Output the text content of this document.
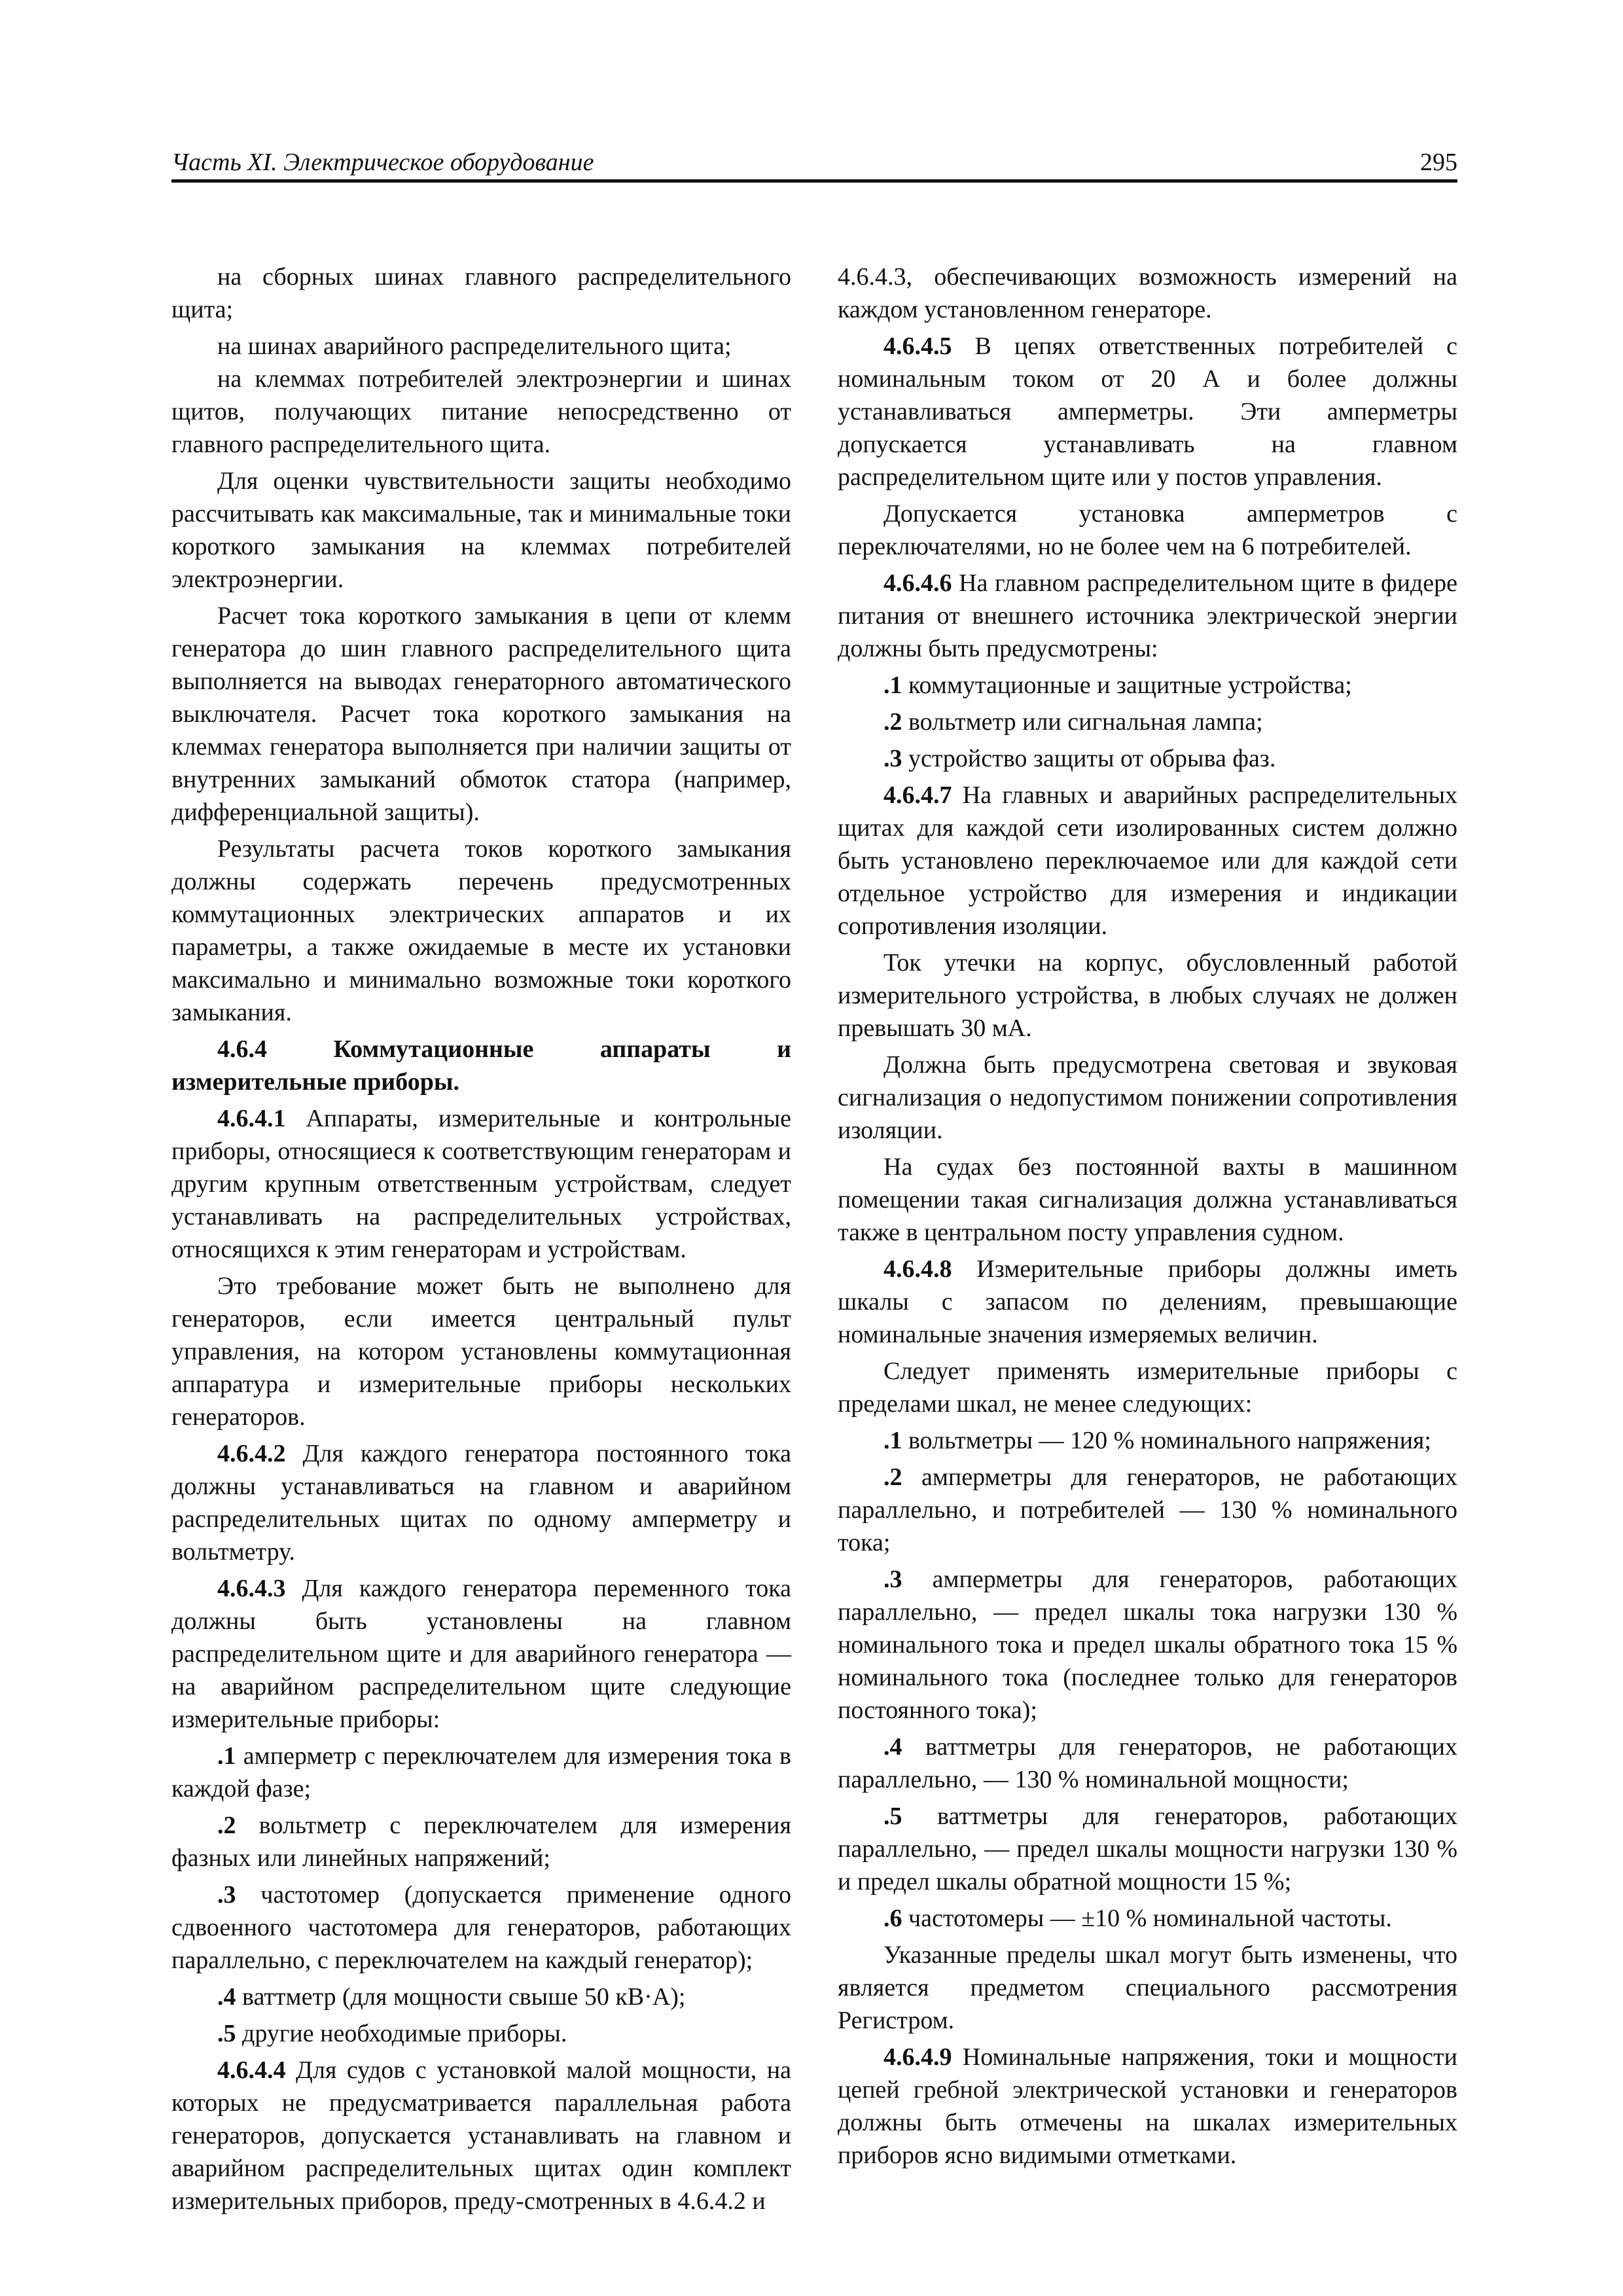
Часть XI. Электрическое оборудование	295

на сборных шинах главного распределительного щита;

на шинах аварийного распределительного щита;

на клеммах потребителей электроэнергии и шинах щитов, получающих питание непосредственно от главного распределительного щита.

Для оценки чувствительности защиты необходимо рассчитывать как максимальные, так и минимальные токи короткого замыкания на клеммах потребителей электроэнергии.

Расчет тока короткого замыкания в цепи от клемм генератора до шин главного распределительного щита выполняется на выводах генераторного автоматического выключателя. Расчет тока короткого замыкания на клеммах генератора выполняется при наличии защиты от внутренних замыканий обмоток статора (например, дифференциальной защиты).

Результаты расчета токов короткого замыкания должны содержать перечень предусмотренных коммутационных электрических аппаратов и их параметры, а также ожидаемые в месте их установки максимально и минимально возможные токи короткого замыкания.

4.6.4 Коммутационные аппараты и измерительные приборы.

4.6.4.1 Аппараты, измерительные и контрольные приборы, относящиеся к соответствующим генераторам и другим крупным ответственным устройствам, следует устанавливать на распределительных устройствах, относящихся к этим генераторам и устройствам.

Это требование может быть не выполнено для генераторов, если имеется центральный пульт управления, на котором установлены коммутационная аппаратура и измерительные приборы нескольких генераторов.

4.6.4.2 Для каждого генератора постоянного тока должны устанавливаться на главном и аварийном распределительных щитах по одному амперметру и вольтметру.

4.6.4.3 Для каждого генератора переменного тока должны быть установлены на главном распределительном щите и для аварийного генератора — на аварийном распределительном щите следующие измерительные приборы:

.1 амперметр с переключателем для измерения тока в каждой фазе;

.2 вольтметр с переключателем для измерения фазных или линейных напряжений;

.3 частотомер (допускается применение одного сдвоенного частотомера для генераторов, работающих параллельно, с переключателем на каждый генератор);

.4 ваттметр (для мощности свыше 50 кВ·А);

.5 другие необходимые приборы.

4.6.4.4 Для судов с установкой малой мощности, на которых не предусматривается параллельная работа генераторов, допускается устанавливать на главном и аварийном распределительных щитах один комплект измерительных приборов, преду-смотренных в 4.6.4.2 и

4.6.4.3, обеспечивающих возможность измерений на каждом установленном генераторе.

4.6.4.5 В цепях ответственных потребителей с номинальным током от 20 А и более должны устанавливаться амперметры. Эти амперметры допускается устанавливать на главном распределительном щите или у постов управления.

Допускается установка амперметров с переключателями, но не более чем на 6 потребителей.

4.6.4.6 На главном распределительном щите в фидере питания от внешнего источника электрической энергии должны быть предусмотрены:

.1 коммутационные и защитные устройства;

.2 вольтметр или сигнальная лампа;

.3 устройство защиты от обрыва фаз.

4.6.4.7 На главных и аварийных распределительных щитах для каждой сети изолированных систем должно быть установлено переключаемое или для каждой сети отдельное устройство для измерения и индикации сопротивления изоляции.

Ток утечки на корпус, обусловленный работой измерительного устройства, в любых случаях не должен превышать 30 мА.

Должна быть предусмотрена световая и звуковая сигнализация о недопустимом понижении сопротивления изоляции.

На судах без постоянной вахты в машинном помещении такая сигнализация должна устанавливаться также в центральном посту управления судном.

4.6.4.8 Измерительные приборы должны иметь шкалы с запасом по делениям, превышающие номинальные значения измеряемых величин.

Следует применять измерительные приборы с пределами шкал, не менее следующих:

.1 вольтметры — 120 % номинального напряжения;

.2 амперметры для генераторов, не работающих параллельно, и потребителей — 130 % номинального тока;

.3 амперметры для генераторов, работающих параллельно, — предел шкалы тока нагрузки 130 % номинального тока и предел шкалы обратного тока 15 % номинального тока (последнее только для генераторов постоянного тока);

.4 ваттметры для генераторов, не работающих параллельно, — 130 % номинальной мощности;

.5 ваттметры для генераторов, работающих параллельно, — предел шкалы мощности нагрузки 130 % и предел шкалы обратной мощности 15 %;

.6 частотомеры — ±10 % номинальной частоты.

Указанные пределы шкал могут быть изменены, что является предметом специального рассмотрения Регистром.

4.6.4.9 Номинальные напряжения, токи и мощности цепей гребной электрической установки и генераторов должны быть отмечены на шкалах измерительных приборов ясно видимыми отметками.
